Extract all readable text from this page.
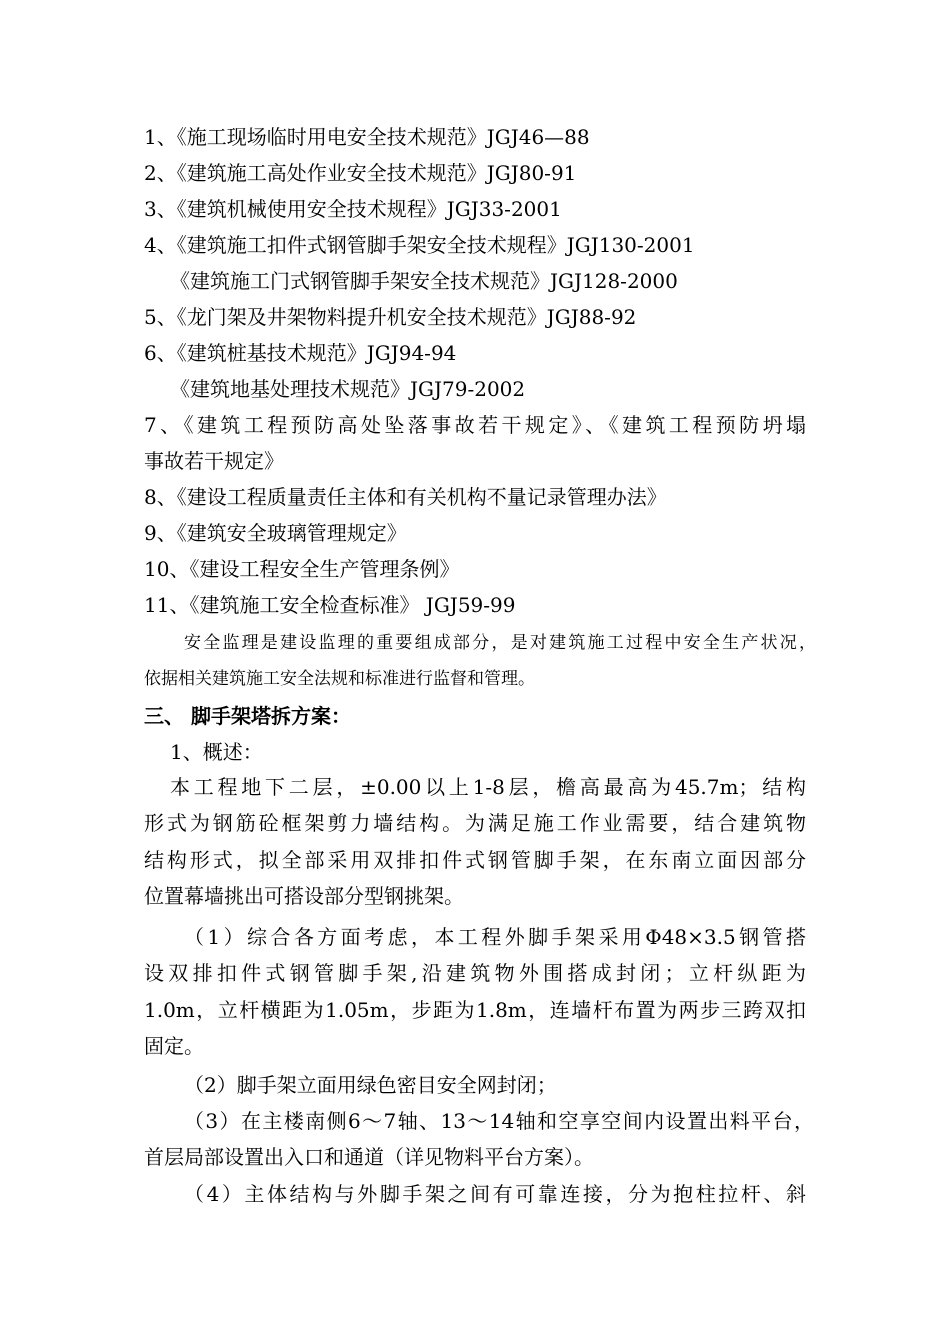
1、《施工现场临时用电安全技术规范》JGJ46—88
2、《建筑施工高处作业安全技术规范》JGJ80-91
3、《建筑机械使用安全技术规程》JGJ33-2001
4、《建筑施工扣件式钢管脚手架安全技术规程》JGJ130-2001
《建筑施工门式钢管脚手架安全技术规范》JGJ128-2000
5、《龙门架及井架物料提升机安全技术规范》JGJ88-92
6、《建筑桩基技术规范》JGJ94-94
《建筑地基处理技术规范》JGJ79-2002
7、《建筑工程预防高处坠落事故若干规定》、《建筑工程预防坍塌
事故若干规定》
8、《建设工程质量责任主体和有关机构不量记录管理办法》
9、《建筑安全玻璃管理规定》
10、《建设工程安全生产管理条例》
11、《建筑施工安全检查标准》 JGJ59-99
安全监理是建设监理的重要组成部分，是对建筑施工过程中安全生产状况，
依据相关建筑施工安全法规和标准进行监督和管理。
三、 脚手架塔拆方案：
1、概述：
本工程地下二层，±0.00以上1-8层，檐高最高为45.7m；结构
形式为钢筋砼框架剪力墙结构。为满足施工作业需要，结合建筑物
结构形式，拟全部采用双排扣件式钢管脚手架，在东南立面因部分
位置幕墙挑出可搭设部分型钢挑架。
（1）综合各方面考虑，本工程外脚手架采用Φ48×3.5钢管搭
设双排扣件式钢管脚手架,沿建筑物外围搭成封闭；立杆纵距为
1.0m，立杆横距为1.05m，步距为1.8m，连墙杆布置为两步三跨双扣
固定。
（2）脚手架立面用绿色密目安全网封闭；
（3）在主楼南侧6～7轴、13～14轴和空享空间内设置出料平台，
首层局部设置出入口和通道（详见物料平台方案）。
（4）主体结构与外脚手架之间有可靠连接，分为抱柱拉杆、斜
